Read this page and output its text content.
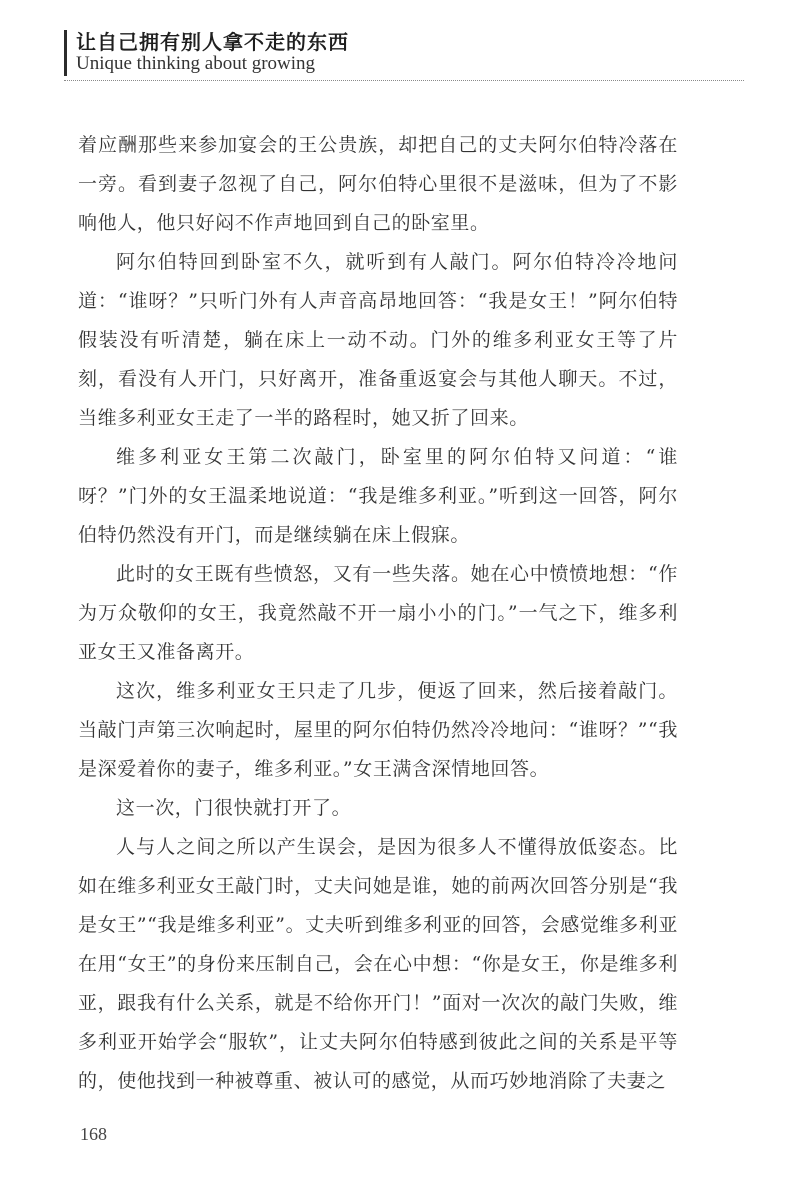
让自己拥有别人拿不走的东西
Unique thinking about growing

着应酬那些来参加宴会的王公贵族，却把自己的丈夫阿尔伯特冷落在一旁。看到妻子忽视了自己，阿尔伯特心里很不是滋味，但为了不影响他人，他只好闷不作声地回到自己的卧室里。

阿尔伯特回到卧室不久，就听到有人敲门。阿尔伯特冷冷地问道：“谁呀？”只听门外有人声音高昂地回答：“我是女王！”阿尔伯特假装没有听清楚，躺在床上一动不动。门外的维多利亚女王等了片刻，看没有人开门，只好离开，准备重返宴会与其他人聊天。不过，当维多利亚女王走了一半的路程时，她又折了回来。

维多利亚女王第二次敲门，卧室里的阿尔伯特又问道：“谁呀？”门外的女王温柔地说道：“我是维多利亚。”听到这一回答，阿尔伯特仍然没有开门，而是继续躺在床上假寐。

此时的女王既有些愤怒，又有一些失落。她在心中愤愤地想：“作为万众敬仰的女王，我竟然敲不开一扇小小的门。”一气之下，维多利亚女王又准备离开。

这次，维多利亚女王只走了几步，便返了回来，然后接着敲门。当敲门声第三次响起时，屋里的阿尔伯特仍然冷冷地问：“谁呀？”“我是深爱着你的妻子，维多利亚。”女王满含深情地回答。

这一次，门很快就打开了。

人与人之间之所以产生误会，是因为很多人不懂得放低姿态。比如在维多利亚女王敲门时，丈夫问她是谁，她的前两次回答分别是“我是女王”“我是维多利亚”。丈夫听到维多利亚的回答，会感觉维多利亚在用“女王”的身份来压制自己，会在心中想：“你是女王，你是维多利亚，跟我有什么关系，就是不给你开门！”面对一次次的敲门失败，维多利亚开始学会“服软”，让丈夫阿尔伯特感到彼此之间的关系是平等的，使他找到一种被尊重、被认可的感觉，从而巧妙地消除了夫妻之

168
